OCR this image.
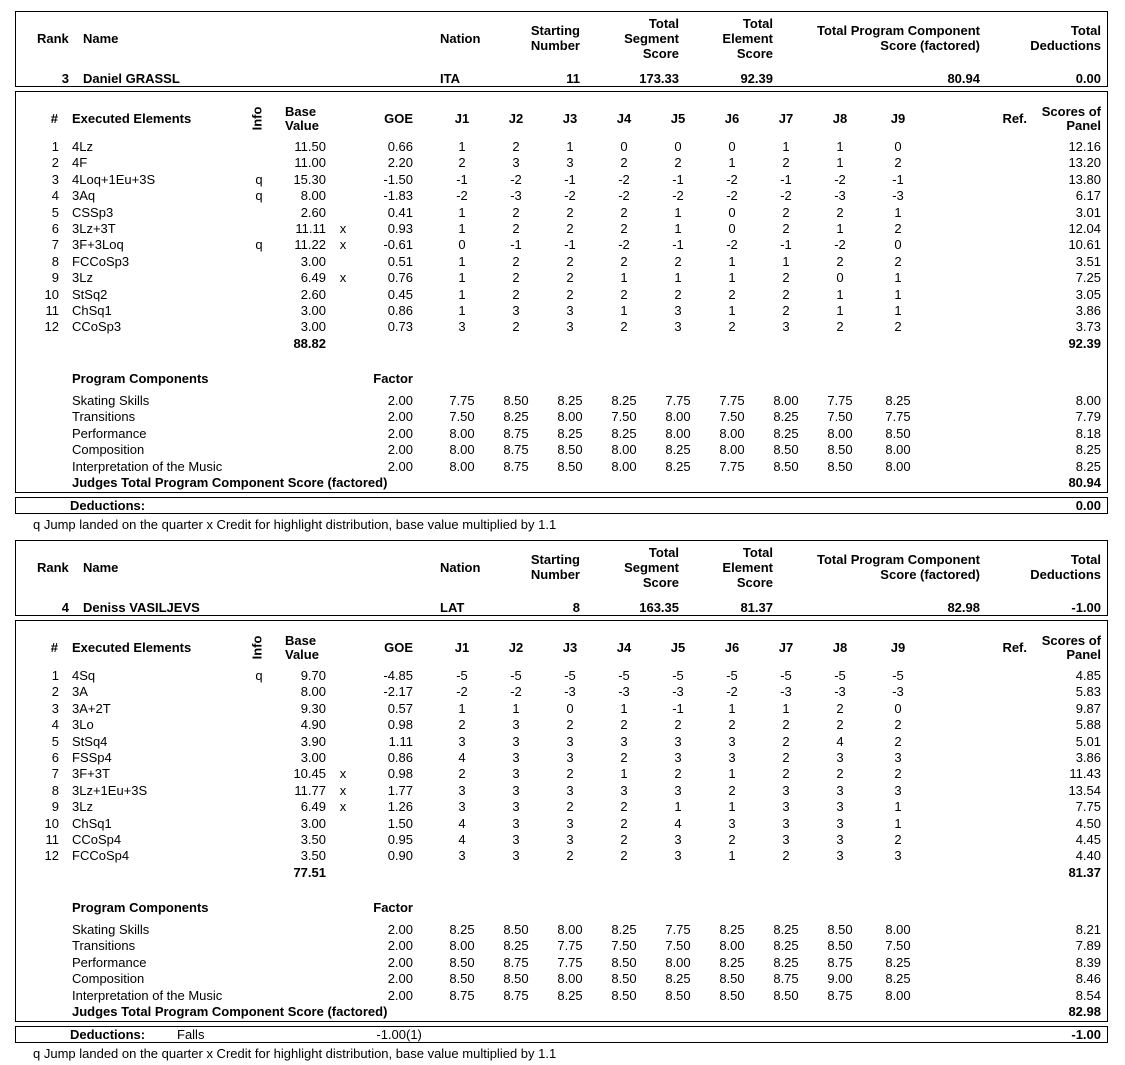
Rank Name	Nation
Starting
Number
Total
Segment
Score
Total
Element
Score
Total Program Component
Score (factored)
Total
Deductions
3 Daniel GRASSL	ITA	11	173.33	92.39	80.94	0.00
# Executed Elements	Info Base
Value	GOE	J1	J2	J3	J4	J5	J6	J7	J8	J9	Ref.	Scores of
Panel
1 4Lz	11.50	0.66	1	2	1	0	0	0	1	1	0	12.16
2 4F	11.00	2.20	2	3	3	2	2	1	2	1	2	13.20
3 4Loq+1Eu+3S	q	15.30	-1.50	-1	-2	-1	-2	-1	-2	-1	-2	-1	13.80
4 3Aq	q	8.00	-1.83	-2	-3	-2	-2	-2	-2	-2	-3	-3	6.17
5 CSSp3	2.60	0.41	1	2	2	2	1	0	2	2	1	3.01
6 3Lz+3T	11.11 x	0.93	1	2	2	2	1	0	2	1	2	12.04
7 3F+3Loq	q	11.22 x	-0.61	0	-1	-1	-2	-1	-2	-1	-2	0	10.61
8 FCCoSp3	3.00	0.51	1	2	2	2	2	1	1	2	2	3.51
9 3Lz	6.49 x	0.76	1	2	2	1	1	1	2	0	1	7.25
10 StSq2	2.60	0.45	1	2	2	2	2	2	2	1	1	3.05
11 ChSq1	3.00	0.86	1	3	3	1	3	1	2	1	1	3.86
12 CCoSp3	3.00	0.73	3	2	3	2	3	2	3	2	2	3.73
88.82	92.39
Program Components	Factor
Skating Skills	2.00	7.75	8.50	8.25	8.25	7.75	7.75	8.00	7.75	8.25	8.00
Transitions	2.00	7.50	8.25	8.00	7.50	8.00	7.50	8.25	7.50	7.75	7.79
Performance	2.00	8.00	8.75	8.25	8.25	8.00	8.00	8.25	8.00	8.50	8.18
Composition	2.00	8.00	8.75	8.50	8.00	8.25	8.00	8.50	8.50	8.00	8.25
Interpretation of the Music	2.00	8.00	8.75	8.50	8.00	8.25	7.75	8.50	8.50	8.00	8.25
Judges Total Program Component Score (factored)	80.94
Deductions:	0.00
q Jump landed on the quarter x Credit for highlight distribution, base value multiplied by 1.1
Rank Name	Nation
Starting
Number
Total
Segment
Score
Total
Element
Score
Total Program Component
Score (factored)
Total
Deductions
4 Deniss VASILJEVS	LAT	8	163.35	81.37	82.98	-1.00
# Executed Elements	Info Base
Value	GOE	J1	J2	J3	J4	J5	J6	J7	J8	J9	Ref.	Scores of
Panel
1 4Sq	q	9.70	-4.85	-5	-5	-5	-5	-5	-5	-5	-5	-5	4.85
2 3A	8.00	-2.17	-2	-2	-3	-3	-3	-2	-3	-3	-3	5.83
3 3A+2T	9.30	0.57	1	1	0	1	-1	1	1	2	0	9.87
4 3Lo	4.90	0.98	2	3	2	2	2	2	2	2	2	5.88
5 StSq4	3.90	1.11	3	3	3	3	3	3	2	4	2	5.01
6 FSSp4	3.00	0.86	4	3	3	2	3	3	2	3	3	3.86
7 3F+3T	10.45 x	0.98	2	3	2	1	2	1	2	2	2	11.43
8 3Lz+1Eu+3S	11.77 x	1.77	3	3	3	3	3	2	3	3	3	13.54
9 3Lz	6.49 x	1.26	3	3	2	2	1	1	3	3	1	7.75
10 ChSq1	3.00	1.50	4	3	3	2	4	3	3	3	1	4.50
11 CCoSp4	3.50	0.95	4	3	3	2	3	2	3	3	2	4.45
12 FCCoSp4	3.50	0.90	3	3	2	2	3	1	2	3	3	4.40
77.51	81.37
Program Components	Factor
Skating Skills	2.00	8.25	8.50	8.00	8.25	7.75	8.25	8.25	8.50	8.00	8.21
Transitions	2.00	8.00	8.25	7.75	7.50	7.50	8.00	8.25	8.50	7.50	7.89
Performance	2.00	8.50	8.75	7.75	8.50	8.00	8.25	8.25	8.75	8.25	8.39
Composition	2.00	8.50	8.50	8.00	8.50	8.25	8.50	8.75	9.00	8.25	8.46
Interpretation of the Music	2.00	8.75	8.75	8.25	8.50	8.50	8.50	8.50	8.75	8.00	8.54
Judges Total Program Component Score (factored)	82.98
Deductions: Falls	-1.00 (1)	-1.00
q Jump landed on the quarter x Credit for highlight distribution, base value multiplied by 1.1
